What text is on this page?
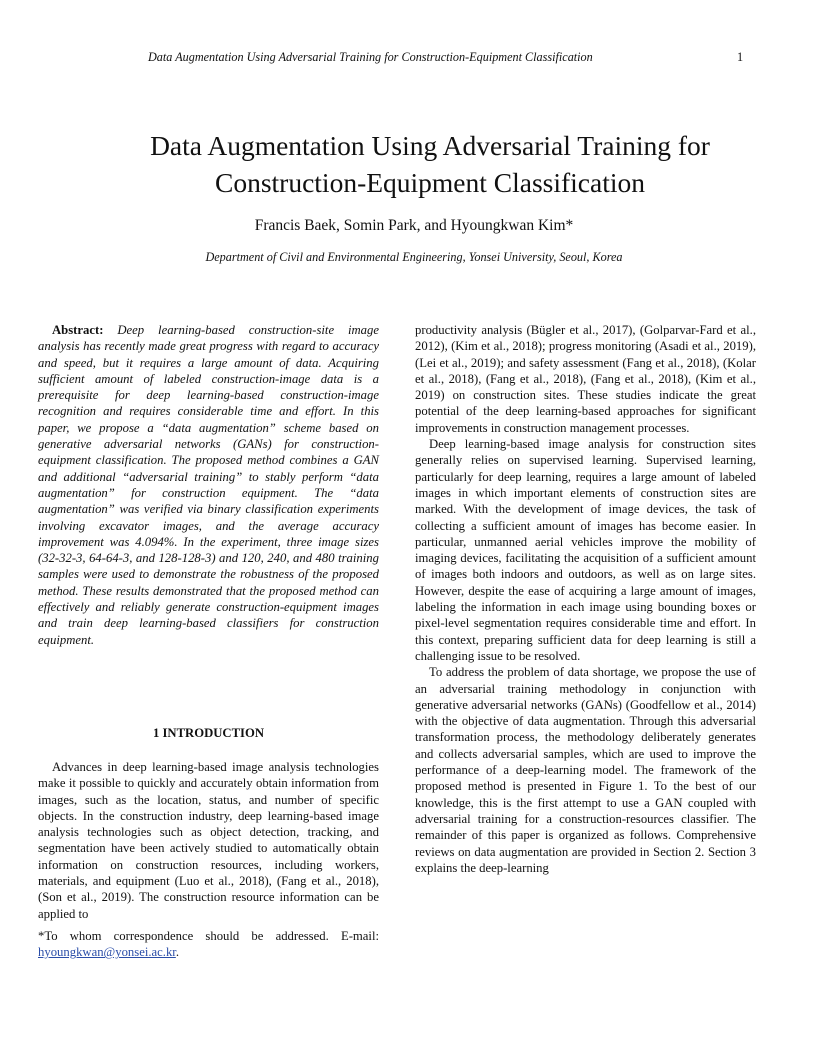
Data Augmentation Using Adversarial Training for Construction-Equipment Classification	1
Data Augmentation Using Adversarial Training for
Construction-Equipment Classification
Francis Baek, Somin Park, and Hyoungkwan Kim*
Department of Civil and Environmental Engineering, Yonsei University, Seoul, Korea

Abstract: Deep learning-based construction-site image analysis has recently made great progress with regard to accuracy and speed, but it requires a large amount of data. Acquiring sufficient amount of labeled construction-image data is a prerequisite for deep learning-based construction-image recognition and requires considerable time and effort. In this paper, we propose a “data augmentation” scheme based on generative adversarial networks (GANs) for construction-equipment classification. The proposed method combines a GAN and additional “adversarial training” to stably perform “data augmentation” for construction equipment. The “data augmentation” was verified via binary classification experiments involving excavator images, and the average accuracy improvement was 4.094%. In the experiment, three image sizes (32-32-3, 64-64-3, and 128-128-3) and 120, 240, and 480 training samples were used to demonstrate the robustness of the proposed method. These results demonstrated that the proposed method can effectively and reliably generate construction-equipment images and train deep learning-based classifiers for construction equipment.

1 INTRODUCTION

Advances in deep learning-based image analysis technologies make it possible to quickly and accurately obtain information from images, such as the location, status, and number of specific objects. In the construction industry, deep learning-based image analysis technologies such as object detection, tracking, and segmentation have been actively studied to automatically obtain information on construction resources, including workers, materials, and equipment (Luo et al., 2018), (Fang et al., 2018), (Son et al., 2019). The construction resource information can be applied to

*To whom correspondence should be addressed. E-mail: hyoungkwan@yonsei.ac.kr.

productivity analysis (Bügler et al., 2017), (Golparvar-Fard et al., 2012), (Kim et al., 2018); progress monitoring (Asadi et al., 2019), (Lei et al., 2019); and safety assessment (Fang et al., 2018), (Kolar et al., 2018), (Fang et al., 2018), (Fang et al., 2018), (Kim et al., 2019) on construction sites. These studies indicate the great potential of the deep learning-based approaches for significant improvements in construction management processes.

Deep learning-based image analysis for construction sites generally relies on supervised learning. Supervised learning, particularly for deep learning, requires a large amount of labeled images in which important elements of construction sites are marked. With the development of image devices, the task of collecting a sufficient amount of images has become easier. In particular, unmanned aerial vehicles improve the mobility of imaging devices, facilitating the acquisition of a sufficient amount of images both indoors and outdoors, as well as on large sites. However, despite the ease of acquiring a large amount of images, labeling the information in each image using bounding boxes or pixel-level segmentation requires considerable time and effort. In this context, preparing sufficient data for deep learning is still a challenging issue to be resolved.

To address the problem of data shortage, we propose the use of an adversarial training methodology in conjunction with generative adversarial networks (GANs) (Goodfellow et al., 2014) with the objective of data augmentation. Through this adversarial transformation process, the methodology deliberately generates and collects adversarial samples, which are used to improve the performance of a deep-learning model. The framework of the proposed method is presented in Figure 1. To the best of our knowledge, this is the first attempt to use a GAN coupled with adversarial training for a construction-resources classifier. The remainder of this paper is organized as follows. Comprehensive reviews on data augmentation are provided in Section 2. Section 3 explains the deep-learning
